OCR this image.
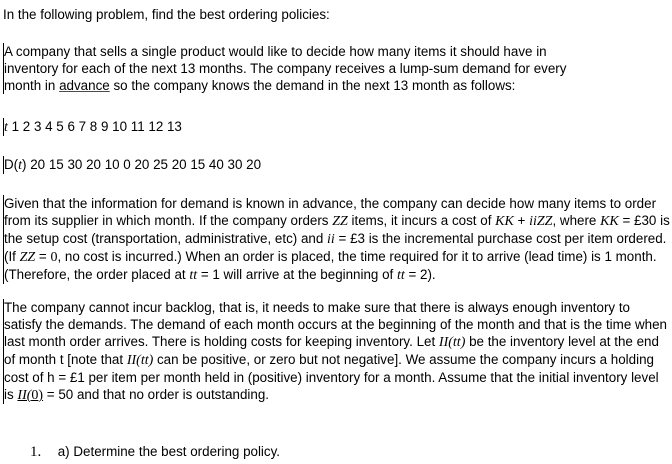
In the following problem, find the best ordering policies:

A company that sells a single product would like to decide how many items it should have in
inventory for each of the next 13 months. The company receives a lump-sum demand for every
month in advance so the company knows the demand in the next 13 month as follows:
t 1 2 3 4 5 6 7 8 9 10 11 12 13
D(t) 20 15 30 20 10 0 20 25 20 15 40 30 20
Given that the information for demand is known in advance, the company can decide how many items to order from its supplier in which month. If the company orders ZZ items, it incurs a cost of KK + iiZZ, where KK = £30 is the setup cost (transportation, administrative, etc) and ii = £3 is the incremental purchase cost per item ordered. (If ZZ = 0, no cost is incurred.) When an order is placed, the time required for it to arrive (lead time) is 1 month. (Therefore, the order placed at tt = 1 will arrive at the beginning of tt = 2).
The company cannot incur backlog, that is, it needs to make sure that there is always enough inventory to satisfy the demands. The demand of each month occurs at the beginning of the month and that is the time when last month order arrives. There is holding costs for keeping inventory. Let II(tt) be the inventory level at the end of month t [note that II(tt) can be positive, or zero but not negative]. We assume the company incurs a holding cost of h = £1 per item per month held in (positive) inventory for a month. Assume that the initial inventory level is II(0) = 50 and that no order is outstanding.
1. a) Determine the best ordering policy.
